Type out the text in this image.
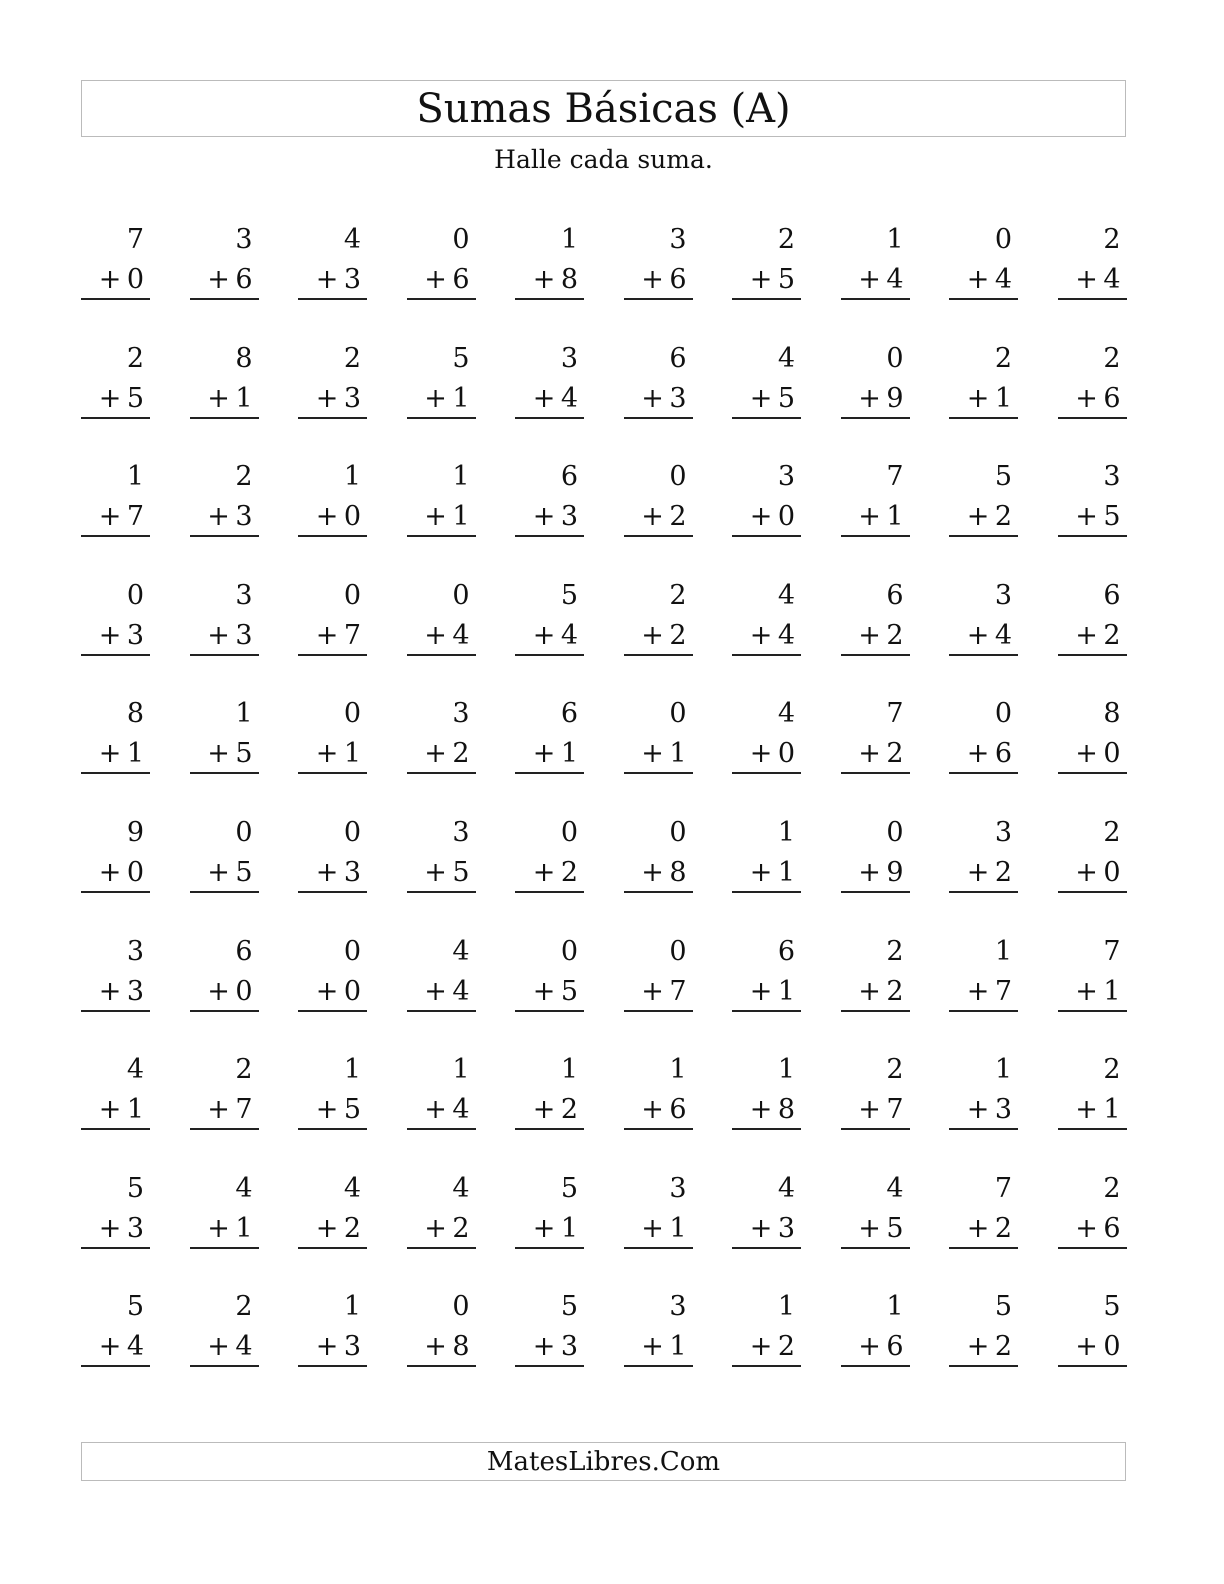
Sumas Básicas (A)
Halle cada suma.
7
+  0
3
+  6
4
+  3
0
+  6
1
+  8
3
+  6
2
+  5
1
+  4
0
+  4
2
+  4
2
+  5
8
+  1
2
+  3
5
+  1
3
+  4
6
+  3
4
+  5
0
+  9
2
+  1
2
+  6
1
+  7
2
+  3
1
+  0
1
+  1
6
+  3
0
+  2
3
+  0
7
+  1
5
+  2
3
+  5
0
+  3
3
+  3
0
+  7
0
+  4
5
+  4
2
+  2
4
+  4
6
+  2
3
+  4
6
+  2
8
+  1
1
+  5
0
+  1
3
+  2
6
+  1
0
+  1
4
+  0
7
+  2
0
+  6
8
+  0
9
+  0
0
+  5
0
+  3
3
+  5
0
+  2
0
+  8
1
+  1
0
+  9
3
+  2
2
+  0
3
+  3
6
+  0
0
+  0
4
+  4
0
+  5
0
+  7
6
+  1
2
+  2
1
+  7
7
+  1
4
+  1
2
+  7
1
+  5
1
+  4
1
+  2
1
+  6
1
+  8
2
+  7
1
+  3
2
+  1
5
+  3
4
+  1
4
+  2
4
+  2
5
+  1
3
+  1
4
+  3
4
+  5
7
+  2
2
+  6
5
+  4
2
+  4
1
+  3
0
+  8
5
+  3
3
+  1
1
+  2
1
+  6
5
+  2
5
+  0
MatesLibres.Com
